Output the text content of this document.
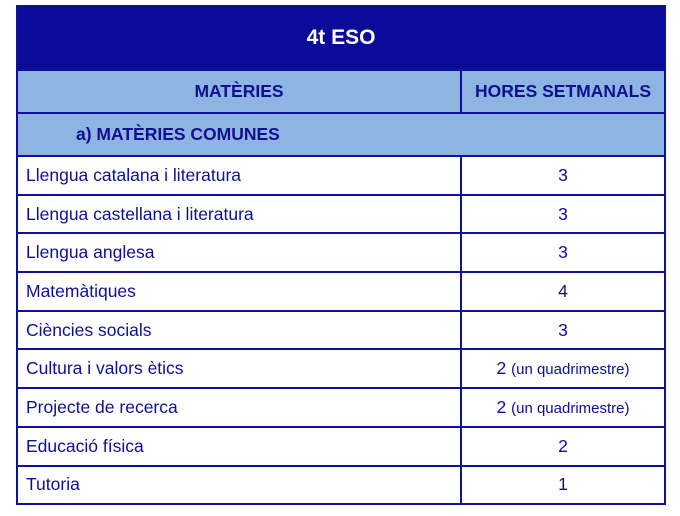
4t ESO	
MATÈRIES	HORES SETMANALS
a) MATÈRIES COMUNES	
Llengua catalana i literatura	3
Llengua castellana i literatura	3
Llengua anglesa	3
Matemàtiques	4
Ciències socials	3
Cultura i valors ètics	2 (un quadrimestre)
Projecte de recerca	2 (un quadrimestre)
Educació física	2
Tutoria	1
